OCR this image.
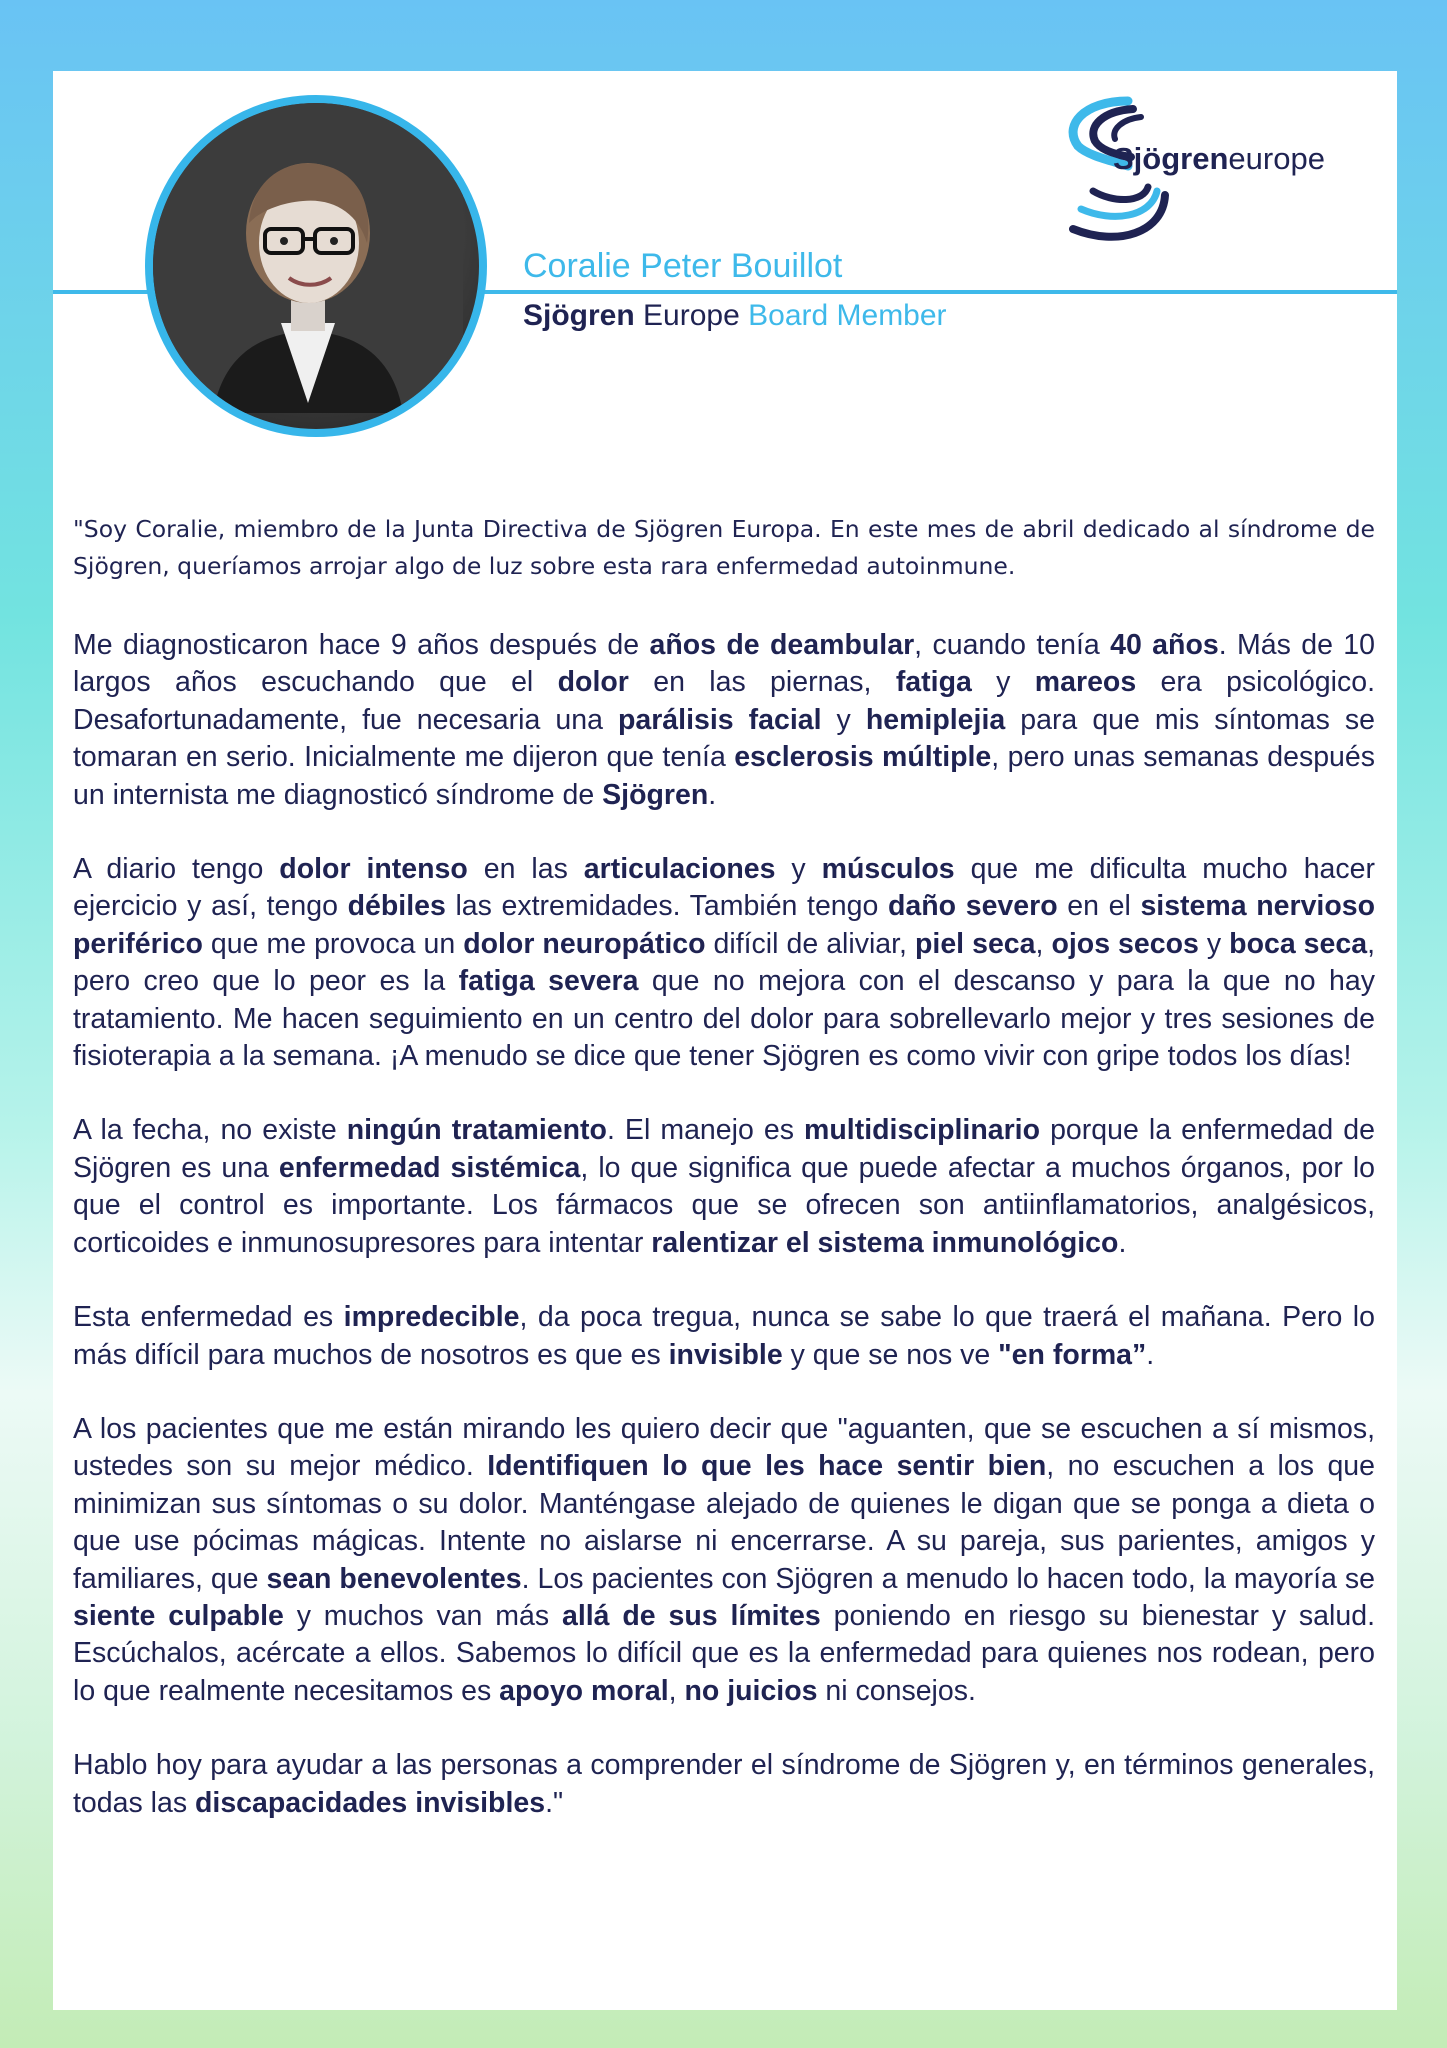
Coralie Peter Bouillot
Sjögren Europe Board Member
Sjögreneurope

"Soy Coralie, miembro de la Junta Directiva de Sjögren Europa. En este mes de abril dedicado al síndrome de Sjögren, queríamos arrojar algo de luz sobre esta rara enfermedad autoinmune.

Me diagnosticaron hace 9 años después de años de deambular, cuando tenía 40 años. Más de 10 largos años escuchando que el dolor en las piernas, fatiga y mareos era psicológico. Desafortunadamente, fue necesaria una parálisis facial y hemiplejia para que mis síntomas se tomaran en serio. Inicialmente me dijeron que tenía esclerosis múltiple, pero unas semanas después un internista me diagnosticó síndrome de Sjögren.

A diario tengo dolor intenso en las articulaciones y músculos que me dificulta mucho hacer ejercicio y así, tengo débiles las extremidades. También tengo daño severo en el sistema nervioso periférico que me provoca un dolor neuropático difícil de aliviar, piel seca, ojos secos y boca seca, pero creo que lo peor es la fatiga severa que no mejora con el descanso y para la que no hay tratamiento. Me hacen seguimiento en un centro del dolor para sobrellevarlo mejor y tres sesiones de fisioterapia a la semana. ¡A menudo se dice que tener Sjögren es como vivir con gripe todos los días!

A la fecha, no existe ningún tratamiento. El manejo es multidisciplinario porque la enfermedad de Sjögren es una enfermedad sistémica, lo que significa que puede afectar a muchos órganos, por lo que el control es importante. Los fármacos que se ofrecen son antiinflamatorios, analgésicos, corticoides e inmunosupresores para intentar ralentizar el sistema inmunológico.

Esta enfermedad es impredecible, da poca tregua, nunca se sabe lo que traerá el mañana. Pero lo más difícil para muchos de nosotros es que es invisible y que se nos ve "en forma”.

A los pacientes que me están mirando les quiero decir que "aguanten, que se escuchen a sí mismos, ustedes son su mejor médico. Identifiquen lo que les hace sentir bien, no escuchen a los que minimizan sus síntomas o su dolor. Manténgase alejado de quienes le digan que se ponga a dieta o que use pócimas mágicas. Intente no aislarse ni encerrarse. A su pareja, sus parientes, amigos y familiares, que sean benevolentes. Los pacientes con Sjögren a menudo lo hacen todo, la mayoría se siente culpable y muchos van más allá de sus límites poniendo en riesgo su bienestar y salud. Escúchalos, acércate a ellos. Sabemos lo difícil que es la enfermedad para quienes nos rodean, pero lo que realmente necesitamos es apoyo moral, no juicios ni consejos.

Hablo hoy para ayudar a las personas a comprender el síndrome de Sjögren y, en términos generales, todas las discapacidades invisibles."
